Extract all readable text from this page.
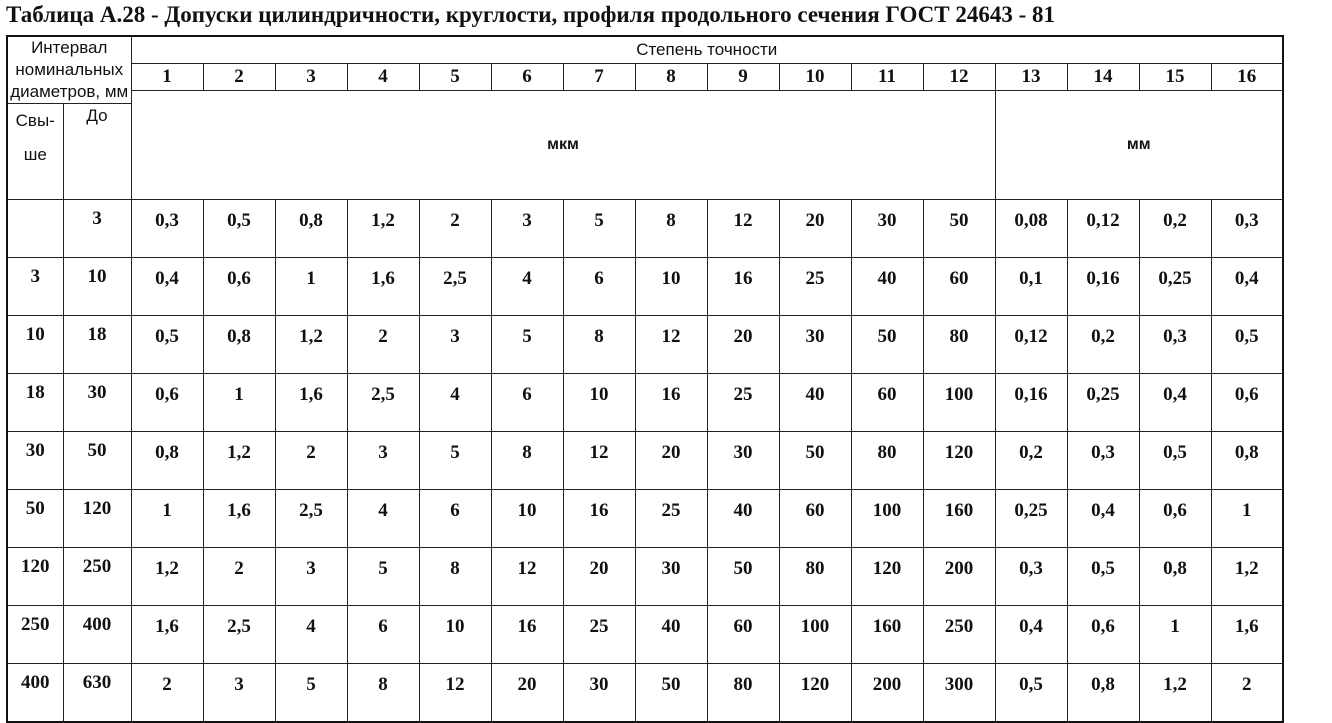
Таблица А.28 - Допуски цилиндричности, круглости, профиля продольного сечения ГОСТ 24643 - 81
Интервал номинальных диаметров, мм		Степень точности															
		1	2	3	4	5	6	7	8	9	10	11	12	13	14	15	16
		мкм												мм			
Свы- ше	До																
	3	0,3	0,5	0,8	1,2	2	3	5	8	12	20	30	50	0,08	0,12	0,2	0,3
3	10	0,4	0,6	1	1,6	2,5	4	6	10	16	25	40	60	0,1	0,16	0,25	0,4
10	18	0,5	0,8	1,2	2	3	5	8	12	20	30	50	80	0,12	0,2	0,3	0,5
18	30	0,6	1	1,6	2,5	4	6	10	16	25	40	60	100	0,16	0,25	0,4	0,6
30	50	0,8	1,2	2	3	5	8	12	20	30	50	80	120	0,2	0,3	0,5	0,8
50	120	1	1,6	2,5	4	6	10	16	25	40	60	100	160	0,25	0,4	0,6	1
120	250	1,2	2	3	5	8	12	20	30	50	80	120	200	0,3	0,5	0,8	1,2
250	400	1,6	2,5	4	6	10	16	25	40	60	100	160	250	0,4	0,6	1	1,6
400	630	2	3	5	8	12	20	30	50	80	120	200	300	0,5	0,8	1,2	2
